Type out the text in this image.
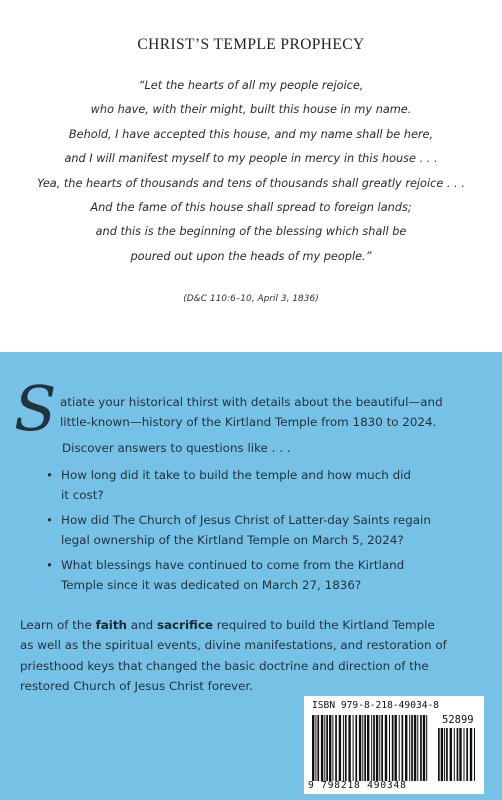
CHRIST’S TEMPLE PROPHECY
“Let the hearts of all my people rejoice,
who have, with their might, built this house in my name.
Behold, I have accepted this house, and my name shall be here,
and I will manifest myself to my people in mercy in this house . . .
Yea, the hearts of thousands and tens of thousands shall greatly rejoice . . .
And the fame of this house shall spread to foreign lands;
and this is the beginning of the blessing which shall be
poured out upon the heads of my people.”
(D&C 110:6–10, April 3, 1836)
S atiate your historical thirst with details about the beautiful—and
little-known—history of the Kirtland Temple from 1830 to 2024.
Discover answers to questions like . . .
• How long did it take to build the temple and how much did
it cost?
• How did The Church of Jesus Christ of Latter-day Saints regain
legal ownership of the Kirtland Temple on March 5, 2024?
• What blessings have continued to come from the Kirtland
Temple since it was dedicated on March 27, 1836?
Learn of the faith and sacrifice required to build the Kirtland Temple
as well as the spiritual events, divine manifestations, and restoration of
priesthood keys that changed the basic doctrine and direction of the
restored Church of Jesus Christ forever.
ISBN 979-8-218-49034-8
52899
9 798218 490348
